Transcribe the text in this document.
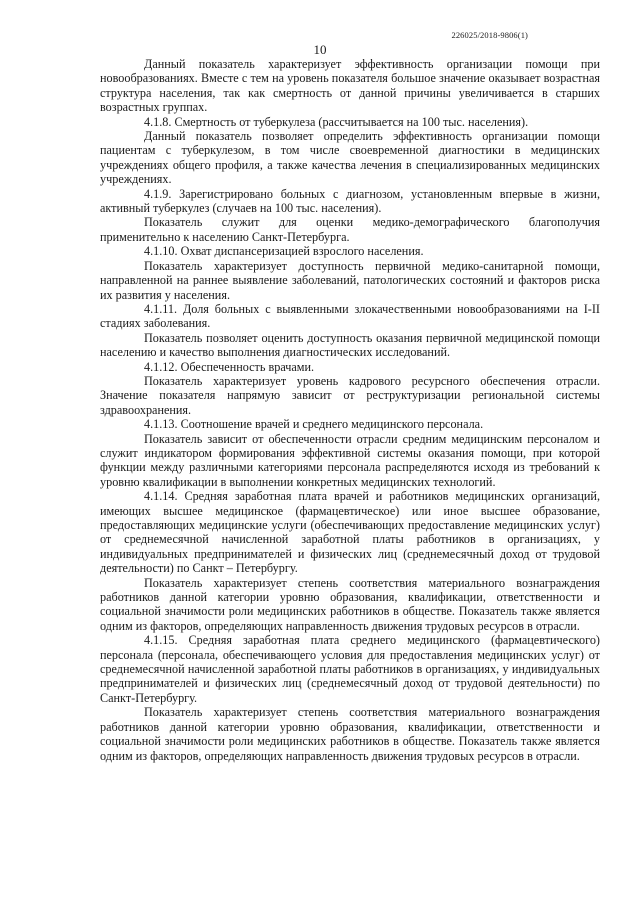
226025/2018-9806(1)
10

Данный показатель характеризует эффективность организации помощи при новообразованиях. Вместе с тем на уровень показателя большое значение оказывает возрастная структура населения, так как смертность от данной причины увеличивается в старших возрастных группах.

4.1.8. Смертность от туберкулеза (рассчитывается на 100 тыс. населения).

Данный показатель позволяет определить эффективность организации помощи пациентам с туберкулезом, в том числе своевременной диагностики в медицинских учреждениях общего профиля, а также качества лечения в специализированных медицинских учреждениях.

4.1.9. Зарегистрировано больных с диагнозом, установленным впервые в жизни, активный туберкулез (случаев на 100 тыс. населения).

Показатель служит для оценки медико-демографического благополучия применительно к населению Санкт-Петербурга.

4.1.10. Охват диспансеризацией взрослого населения.

Показатель характеризует доступность первичной медико-санитарной помощи, направленной на раннее выявление заболеваний, патологических состояний и факторов риска их развития у населения.

4.1.11. Доля больных с выявленными злокачественными новообразованиями на I-II стадиях заболевания.

Показатель позволяет оценить доступность оказания первичной медицинской помощи населению и качество выполнения диагностических исследований.

4.1.12. Обеспеченность врачами.

Показатель характеризует уровень кадрового ресурсного обеспечения отрасли. Значение показателя напрямую зависит от реструктуризации региональной системы здравоохранения.

4.1.13. Соотношение врачей и среднего медицинского персонала.

Показатель зависит от обеспеченности отрасли средним медицинским персоналом и служит индикатором формирования эффективной системы оказания помощи, при которой функции между различными категориями персонала распределяются исходя из требований к уровню квалификации в выполнении конкретных медицинских технологий.

4.1.14. Средняя заработная плата врачей и работников медицинских организаций, имеющих высшее медицинское (фармацевтическое) или иное высшее образование, предоставляющих медицинские услуги (обеспечивающих предоставление медицинских услуг) от среднемесячной начисленной заработной платы работников в организациях, у индивидуальных предпринимателей и физических лиц (среднемесячный доход от трудовой деятельности) по Санкт – Петербургу.

Показатель характеризует степень соответствия материального вознаграждения работников данной категории уровню образования, квалификации, ответственности и социальной значимости роли медицинских работников в обществе. Показатель также является одним из факторов, определяющих направленность движения трудовых ресурсов в отрасли.

4.1.15. Средняя заработная плата среднего медицинского (фармацевтического) персонала (персонала, обеспечивающего условия для предоставления медицинских услуг) от среднемесячной начисленной заработной платы работников в организациях, у индивидуальных предпринимателей и физических лиц (среднемесячный доход от трудовой деятельности) по Санкт-Петербургу.

Показатель характеризует степень соответствия материального вознаграждения работников данной категории уровню образования, квалификации, ответственности и социальной значимости роли медицинских работников в обществе. Показатель также является одним из факторов, определяющих направленность движения трудовых ресурсов в отрасли.
